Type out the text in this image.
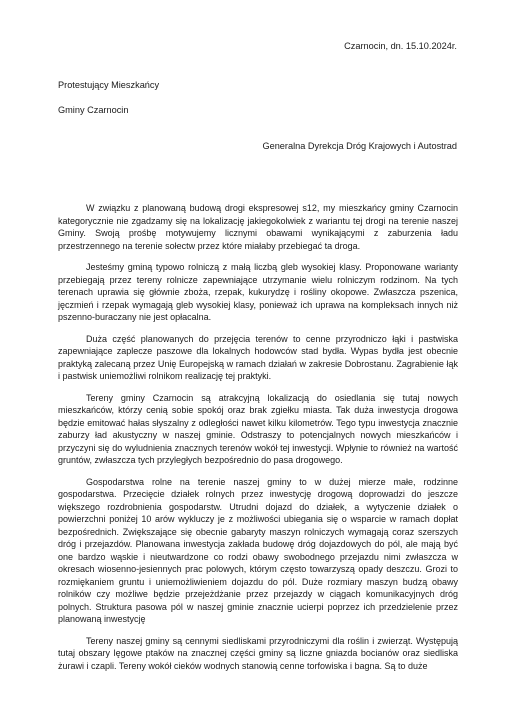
Czarnocin, dn. 15.10.2024r.
Protestujący Mieszkańcy
Gminy Czarnocin
Generalna Dyrekcja Dróg Krajowych i Autostrad

W związku z planowaną budową drogi ekspresowej s12, my mieszkańcy gminy Czarnocin kategorycznie nie zgadzamy się na lokalizację jakiegokolwiek z wariantu tej drogi na terenie naszej Gminy. Swoją prośbę motywujemy licznymi obawami wynikającymi z zaburzenia ładu przestrzennego na terenie sołectw przez które miałaby przebiegać ta droga.

Jesteśmy gminą typowo rolniczą z małą liczbą gleb wysokiej klasy. Proponowane warianty przebiegają przez tereny rolnicze zapewniające utrzymanie wielu rolniczym rodzinom. Na tych terenach uprawia się głównie zboża, rzepak, kukurydzę i rośliny okopowe. Zwłaszcza pszenica, jęczmień i rzepak wymagają gleb wysokiej klasy, ponieważ ich uprawa na kompleksach innych niż pszenno-buraczany nie jest opłacalna.

Duża część planowanych do przejęcia terenów to cenne przyrodniczo łąki i pastwiska zapewniające zaplecze paszowe dla lokalnych hodowców stad bydła. Wypas bydła jest obecnie praktyką zalecaną przez Unię Europejską w ramach działań w zakresie Dobrostanu. Zagrabienie łąk i pastwisk uniemożliwi rolnikom realizację tej praktyki.

Tereny gminy Czarnocin są atrakcyjną lokalizacją do osiedlania się tutaj nowych mieszkańców, którzy cenią sobie spokój oraz brak zgiełku miasta. Tak duża inwestycja drogowa będzie emitować hałas słyszalny z odległości nawet kilku kilometrów. Tego typu inwestycja znacznie zaburzy ład akustyczny w naszej gminie. Odstraszy to potencjalnych nowych mieszkańców i przyczyni się do wyludnienia znacznych terenów wokół tej inwestycji. Wpłynie to również na wartość gruntów, zwłaszcza tych przyległych bezpośrednio do pasa drogowego.

Gospodarstwa rolne na terenie naszej gminy to w dużej mierze małe, rodzinne gospodarstwa. Przecięcie działek rolnych przez inwestycję drogową doprowadzi do jeszcze większego rozdrobnienia gospodarstw. Utrudni dojazd do działek, a wytyczenie działek o powierzchni poniżej 10 arów wykluczy je z możliwości ubiegania się o wsparcie w ramach dopłat bezpośrednich. Zwiększające się obecnie gabaryty maszyn rolniczych wymagają coraz szerszych dróg i przejazdów. Planowana inwestycja zakłada budowę dróg dojazdowych do pól, ale mają być one bardzo wąskie i nieutwardzone co rodzi obawy swobodnego przejazdu nimi zwłaszcza w okresach wiosenno-jesiennych prac polowych, którym często towarzyszą opady deszczu. Grozi to rozmiękaniem gruntu i uniemożliwieniem dojazdu do pól. Duże rozmiary maszyn budzą obawy rolników czy możliwe będzie przejeżdżanie przez przejazdy w ciągach komunikacyjnych dróg polnych. Struktura pasowa pól w naszej gminie znacznie ucierpi poprzez ich przedzielenie przez planowaną inwestycję

Tereny naszej gminy są cennymi siedliskami przyrodniczymi dla roślin i zwierząt. Występują tutaj obszary lęgowe ptaków na znacznej części gminy są liczne gniazda bocianów oraz siedliska żurawi i czapli. Tereny wokół cieków wodnych stanowią cenne torfowiska i bagna. Są to duże
